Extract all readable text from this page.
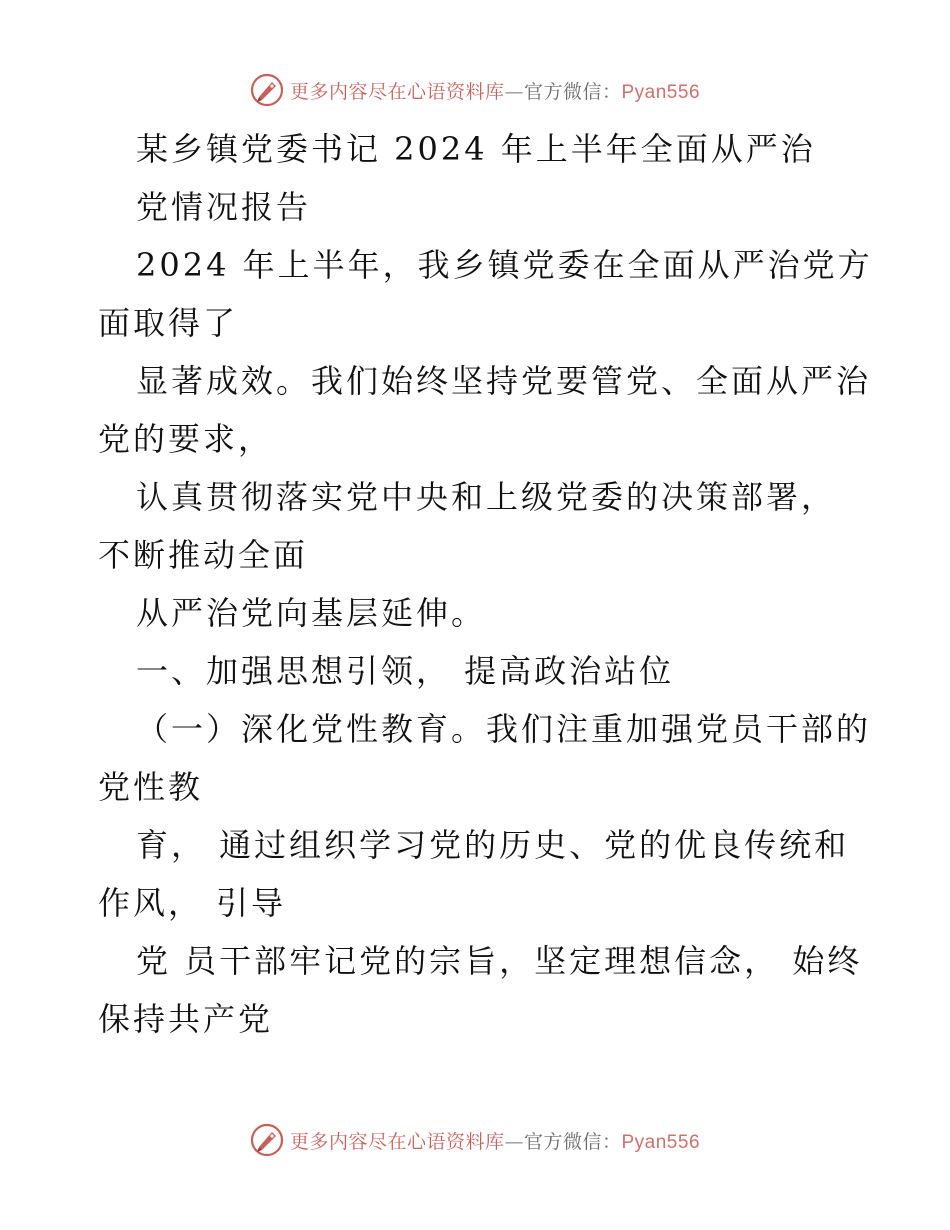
更多内容尽在心语资料库—官方微信：Pyan556
某乡镇党委书记 2024 年上半年全面从严治
党情况报告
2024 年上半年，我乡镇党委在全面从严治党方
面取得了
显著成效。我们始终坚持党要管党、全面从严治
党的要求，
认真贯彻落实党中央和上级党委的决策部署，
不断推动全面
从严治党向基层延伸。
一、加强思想引领， 提高政治站位
（一）深化党性教育。我们注重加强党员干部的
党性教
育， 通过组织学习党的历史、党的优良传统和
作风， 引导
党 员干部牢记党的宗旨，坚定理想信念， 始终
保持共产党
更多内容尽在心语资料库—官方微信：Pyan556
